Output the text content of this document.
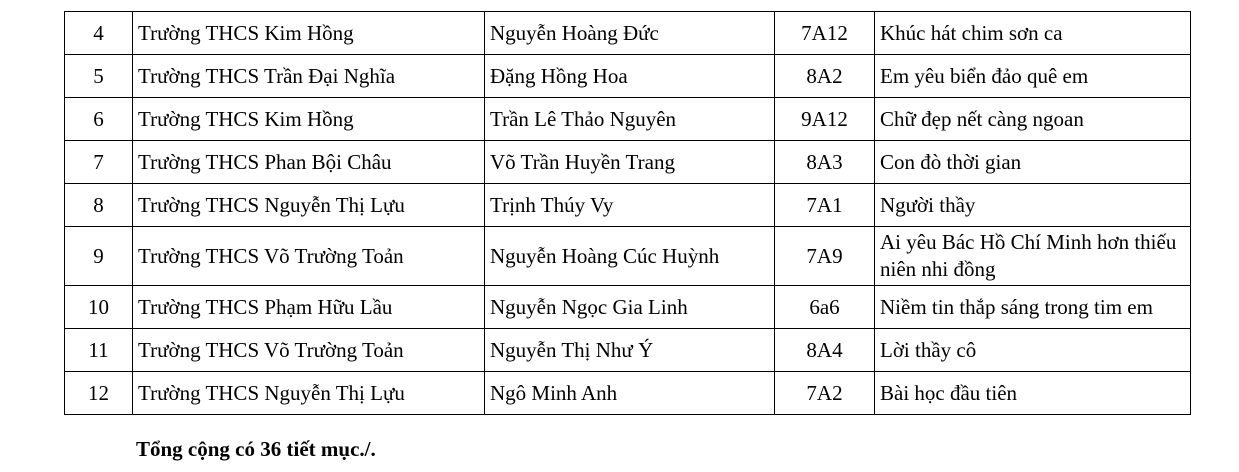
4	Trường THCS Kim Hồng	Nguyễn Hoàng Đức	7A12	Khúc hát chim sơn ca
5	Trường THCS Trần Đại Nghĩa	Đặng Hồng Hoa	8A2	Em yêu biển đảo quê em
6	Trường THCS Kim Hồng	Trần Lê Thảo Nguyên	9A12	Chữ đẹp nết càng ngoan
7	Trường THCS Phan Bội Châu	Võ Trần Huyền Trang	8A3	Con đò thời gian
8	Trường THCS Nguyễn Thị Lựu	Trịnh Thúy Vy	7A1	Người thầy
9	Trường THCS Võ Trường Toản	Nguyễn Hoàng Cúc Huỳnh	7A9	Ai yêu Bác Hồ Chí Minh hơn thiếu niên nhi đồng
10	Trường THCS Phạm Hữu Lầu	Nguyễn Ngọc Gia Linh	6a6	Niềm tin thắp sáng trong tim em
11	Trường THCS Võ Trường Toản	Nguyễn Thị Như Ý	8A4	Lời thầy cô
12	Trường THCS Nguyễn Thị Lựu	Ngô Minh Anh	7A2	Bài học đầu tiên
Tổng cộng có 36 tiết mục./.
